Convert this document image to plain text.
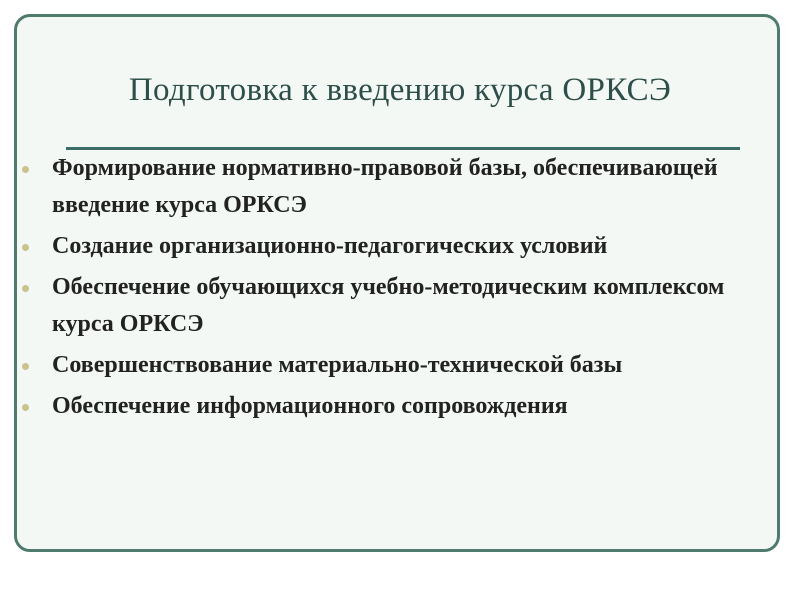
Подготовка к введению курса ОРКСЭ
Формирование нормативно-правовой базы, обеспечивающей введение курса ОРКСЭ
Создание организационно-педагогических условий
Обеспечение обучающихся учебно-методическим комплексом курса ОРКСЭ
Совершенствование материально-технической базы
Обеспечение информационного сопровождения
